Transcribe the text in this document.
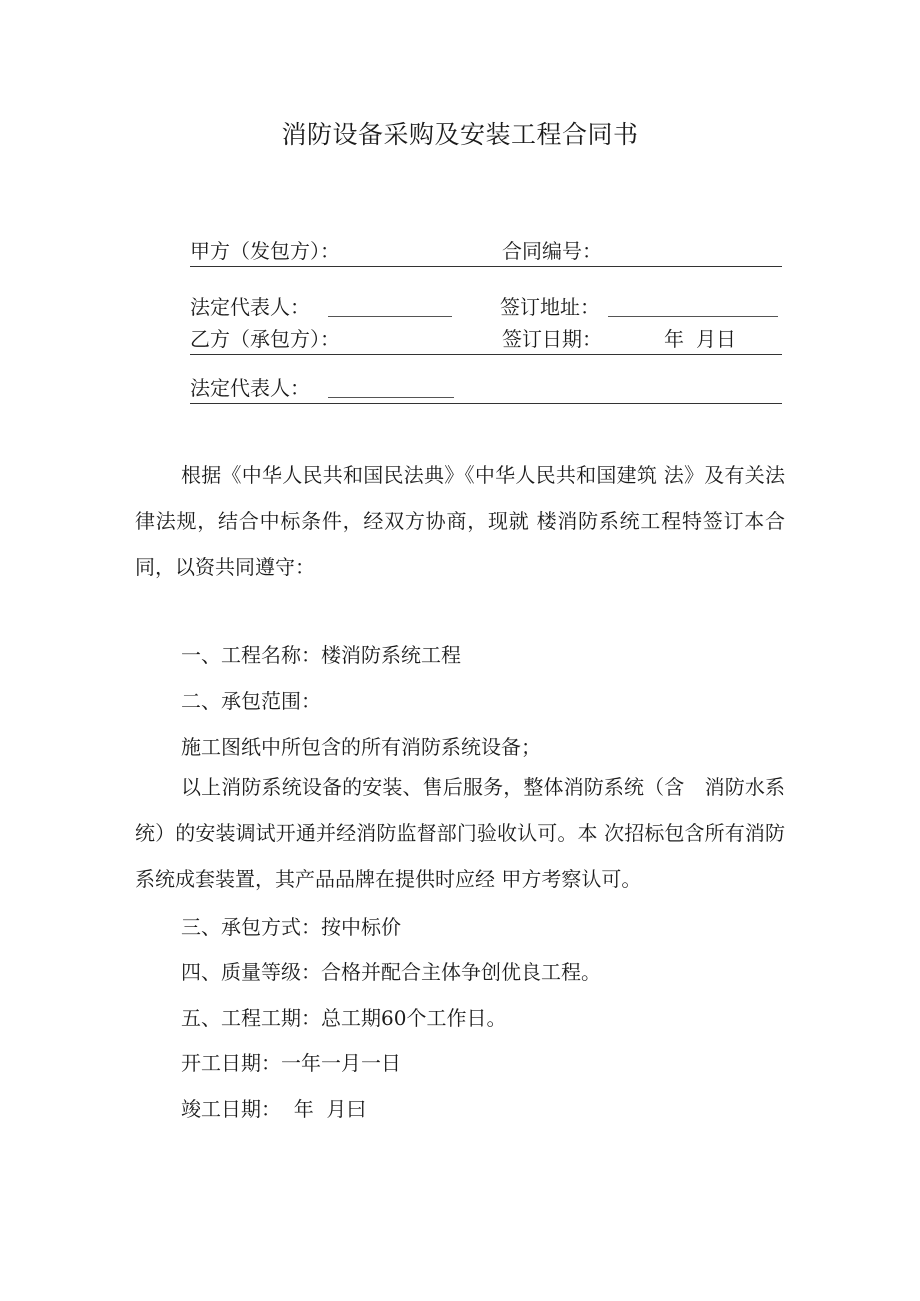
消防设备采购及安装工程合同书
甲方（发包方）：	合同编号：
法定代表人：	签订地址：
乙方（承包方）：	签订日期：	年 月日
法定代表人：

根据《中华人民共和国民法典》《中华人民共和国建筑 法》及有关法律法规，结合中标条件，经双方协商，现就 楼消防系统工程特签订本合同，以资共同遵守：

一、工程名称：楼消防系统工程
二、承包范围：
施工图纸中所包含的所有消防系统设备；

以上消防系统设备的安装、售后服务，整体消防系统（含　消防水系统）的安装调试开通并经消防监督部门验收认可。本 次招标包含所有消防系统成套装置，其产品品牌在提供时应经 甲方考察认可。

三、承包方式：按中标价
四、质量等级：合格并配合主体争创优良工程。
五、工程工期：总工期60个工作日。
开工日期：一年一月一日
竣工日期：  年  月曰
